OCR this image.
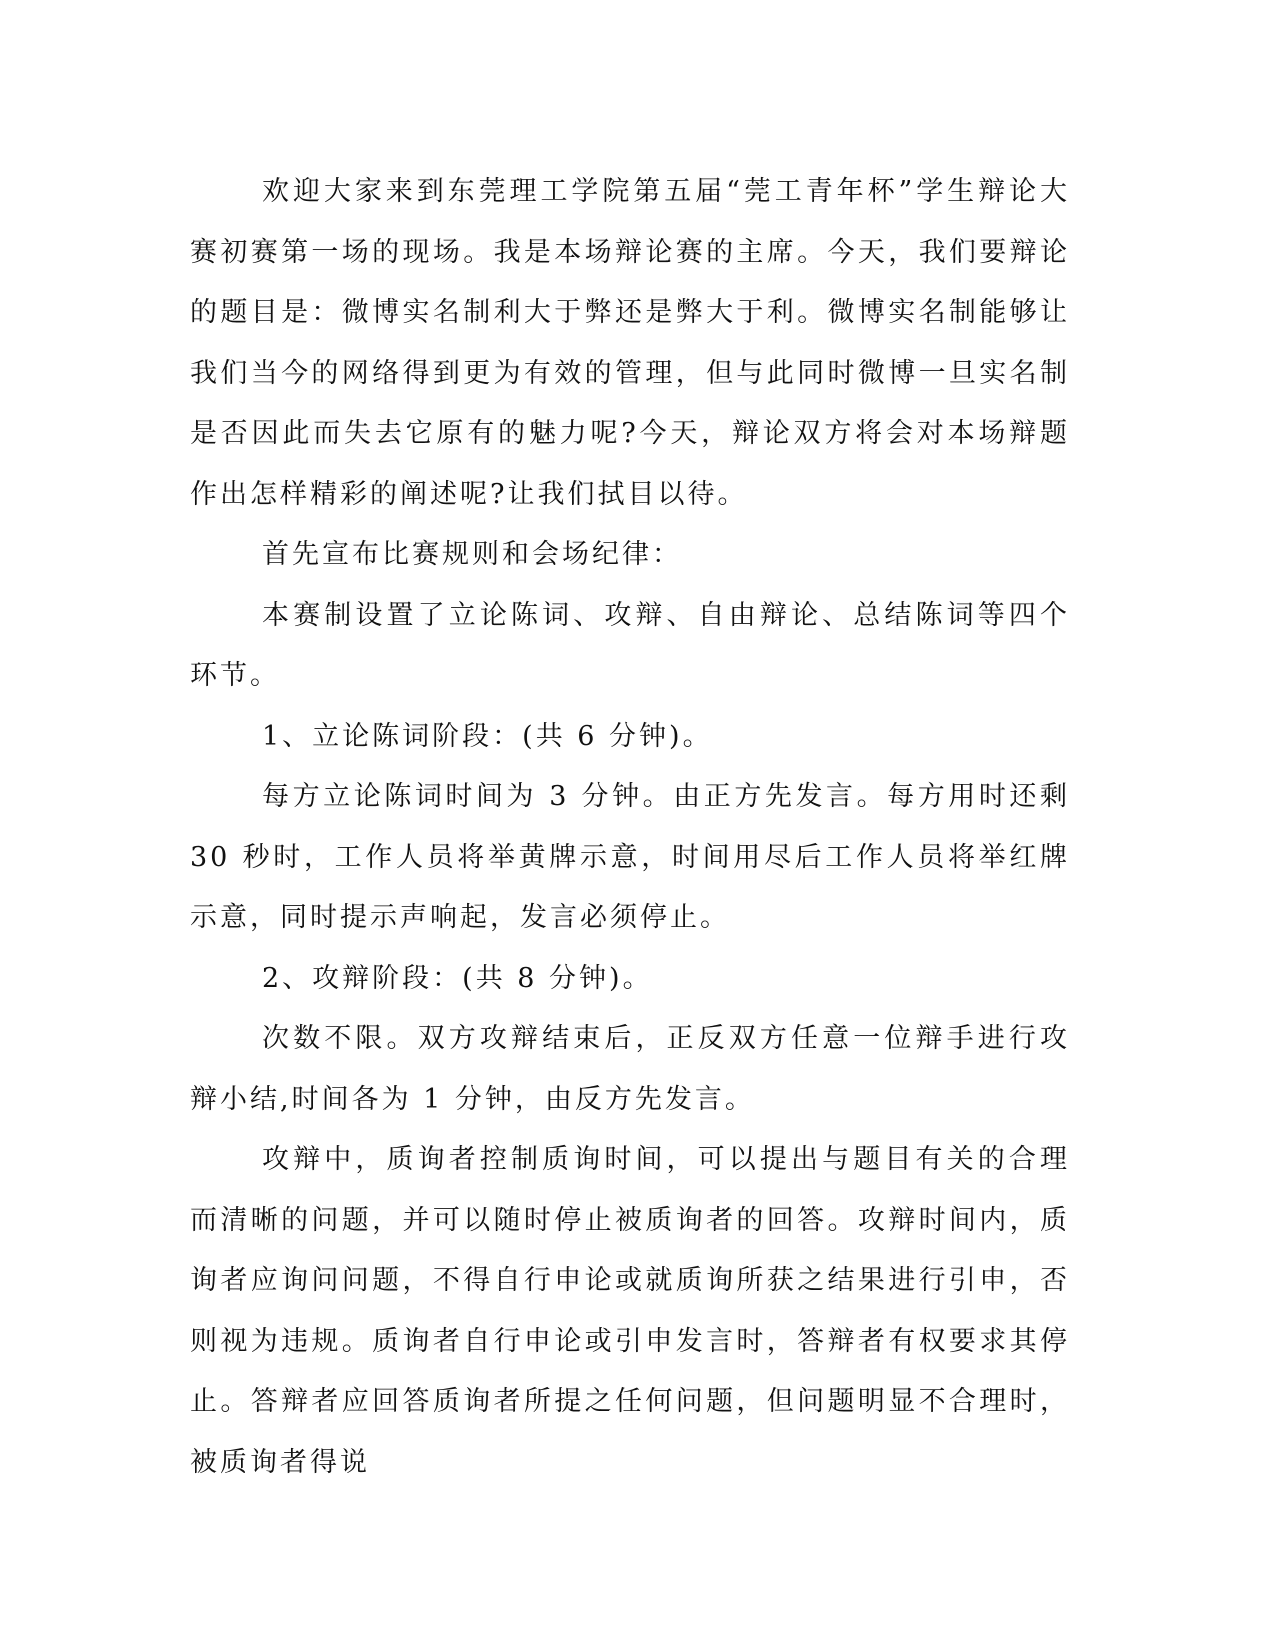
欢迎大家来到东莞理工学院第五届“莞工青年杯”学生辩论大赛初赛第一场的现场。我是本场辩论赛的主席。今天，我们要辩论的题目是：微博实名制利大于弊还是弊大于利。微博实名制能够让我们当今的网络得到更为有效的管理，但与此同时微博一旦实名制是否因此而失去它原有的魅力呢?今天，辩论双方将会对本场辩题作出怎样精彩的阐述呢?让我们拭目以待。

首先宣布比赛规则和会场纪律：

本赛制设置了立论陈词、攻辩、自由辩论、总结陈词等四个环节。

1、立论陈词阶段：(共 6 分钟)。

每方立论陈词时间为 3 分钟。由正方先发言。每方用时还剩 30 秒时，工作人员将举黄牌示意，时间用尽后工作人员将举红牌示意，同时提示声响起，发言必须停止。

2、攻辩阶段：(共 8 分钟)。

次数不限。双方攻辩结束后，正反双方任意一位辩手进行攻辩小结,时间各为 1 分钟，由反方先发言。

攻辩中，质询者控制质询时间，可以提出与题目有关的合理而清晰的问题，并可以随时停止被质询者的回答。攻辩时间内，质询者应询问问题，不得自行申论或就质询所获之结果进行引申，否则视为违规。质询者自行申论或引申发言时，答辩者有权要求其停止。答辩者应回答质询者所提之任何问题，但问题明显不合理时，被质询者得说
